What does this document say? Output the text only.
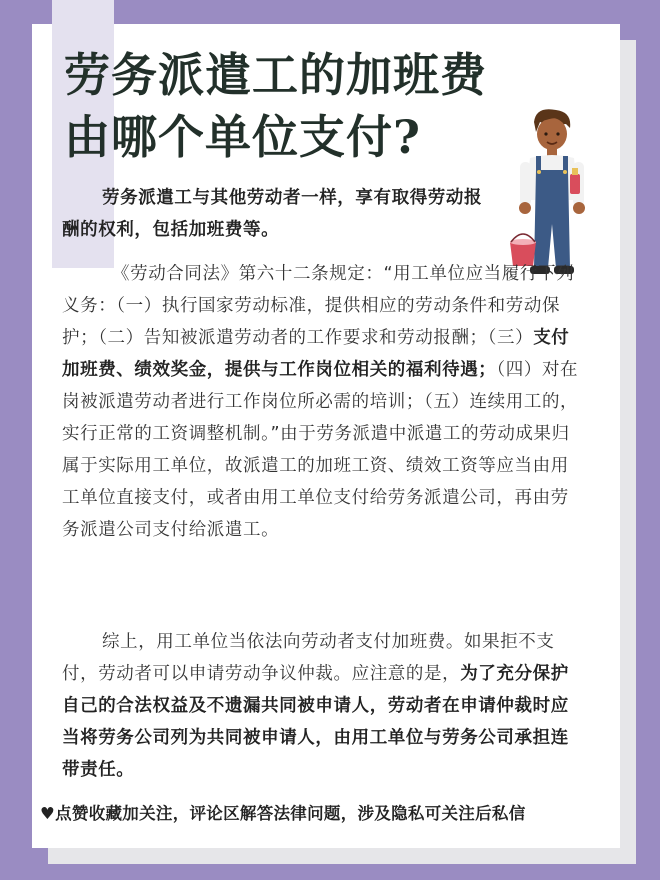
劳务派遣工的加班费
由哪个单位支付?

劳务派遣工与其他劳动者一样，享有取得劳动报酬的权利，包括加班费等。

《劳动合同法》第六十二条规定：“用工单位应当履行下列义务：（一）执行国家劳动标准，提供相应的劳动条件和劳动保护；（二）告知被派遣劳动者的工作要求和劳动报酬；（三）支付加班费、绩效奖金，提供与工作岗位相关的福利待遇；（四）对在岗被派遣劳动者进行工作岗位所必需的培训；（五）连续用工的，实行正常的工资调整机制。”由于劳务派遣中派遣工的劳动成果归属于实际用工单位，故派遣工的加班工资、绩效工资等应当由用工单位直接支付，或者由用工单位支付给劳务派遣公司，再由劳务派遣公司支付给派遣工。

综上，用工单位当依法向劳动者支付加班费。如果拒不支付，劳动者可以申请劳动争议仲裁。应注意的是，为了充分保护自己的合法权益及不遗漏共同被申请人，劳动者在申请仲裁时应当将劳务公司列为共同被申请人，由用工单位与劳务公司承担连带责任。

♥点赞收藏加关注，评论区解答法律问题，涉及隐私可关注后私信
